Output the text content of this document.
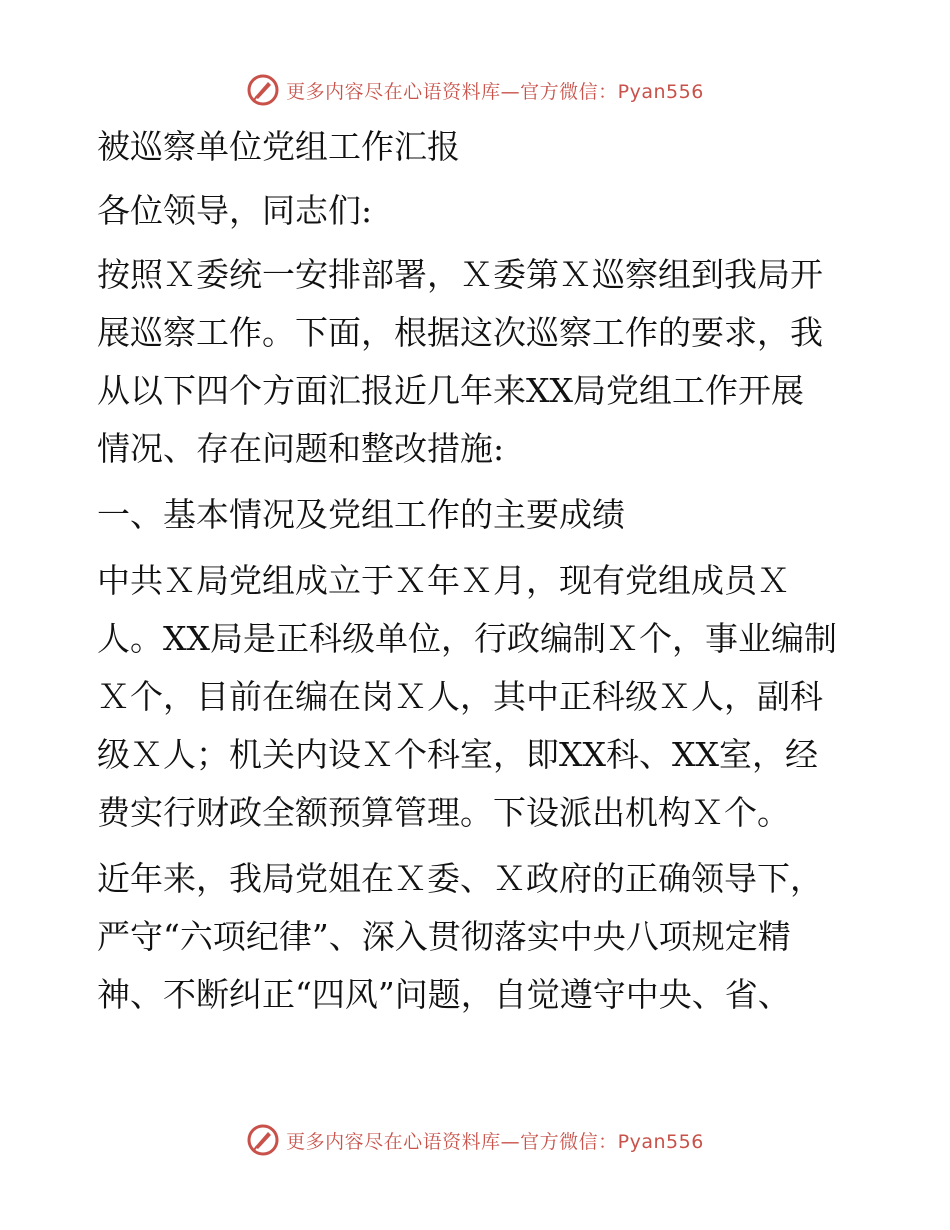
更多内容尽在心语资料库—官方微信：Pyan556

被巡察单位党组工作汇报

各位领导，同志们:

按照Ｘ委统一安排部署，Ｘ委第Ｘ巡察组到我局开

展巡察工作。下面，根据这次巡察工作的要求，我

从以下四个方面汇报近几年来XX局党组工作开展

情况、存在问题和整改措施:

一、基本情况及党组工作的主要成绩

中共Ｘ局党组成立于Ｘ年Ｘ月，现有党组成员Ｘ

人。XX局是正科级单位，行政编制Ｘ个，事业编制

Ｘ个，目前在编在岗Ｘ人，其中正科级Ｘ人，副科

级Ｘ人；机关内设Ｘ个科室，即XX科、XX室，经

费实行财政全额预算管理。下设派出机构Ｘ个。

近年来，我局党姐在Ｘ委、Ｘ政府的正确领导下，

严守“六项纪律”、深入贯彻落实中央八项规定精

神、不断纠正“四风”问题，自觉遵守中央、省、

更多内容尽在心语资料库—官方微信：Pyan556
